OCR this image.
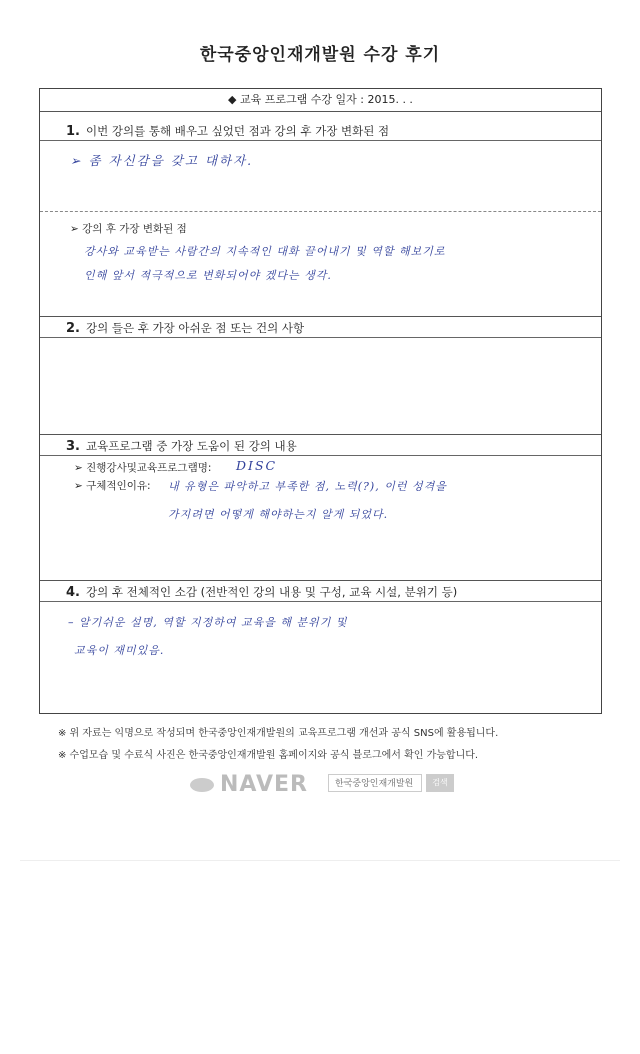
한국중앙인재개발원 수강 후기
◆ 교육 프로그램 수강 일자 : 2015. . .
1. 이번 강의를 통해 배우고 싶었던 점과 강의 후 가장 변화된 점
➢ 좀 자신감을 갖고 대하자.
➢ 강의 후 가장 변화된 점
강사와 교육받는 사람간의 지속적인 대화 끌어내기 및 역할 해보기로
인해 앞서 적극적으로 변화되어야 겠다는 생각.
2. 강의 들은 후 가장 아쉬운 점 또는 건의 사항
3. 교육프로그램 중 가장 도움이 된 강의 내용
➢ 진행강사및교육프로그램명: DISC
➢ 구체적인이유: 내 유형은 파악하고 부족한 점, 노력(?), 이런 성격을
가지려면 어떻게 해야하는지 알게 되었다.
4. 강의 후 전체적인 소감 (전반적인 강의 내용 및 구성, 교육 시설, 분위기 등)
– 알기쉬운 설명, 역할 지정하여 교육을 해 분위기 및
교육이 재미있음.
※ 위 자료는 익명으로 작성되며 한국중앙인재개발원의 교육프로그램 개선과 공식 SNS에 활용됩니다.
※ 수업모습 및 수료식 사진은 한국중앙인재개발원 홈페이지와 공식 블로그에서 확인 가능합니다.
NAVER	한국중앙인재개발원	검색
